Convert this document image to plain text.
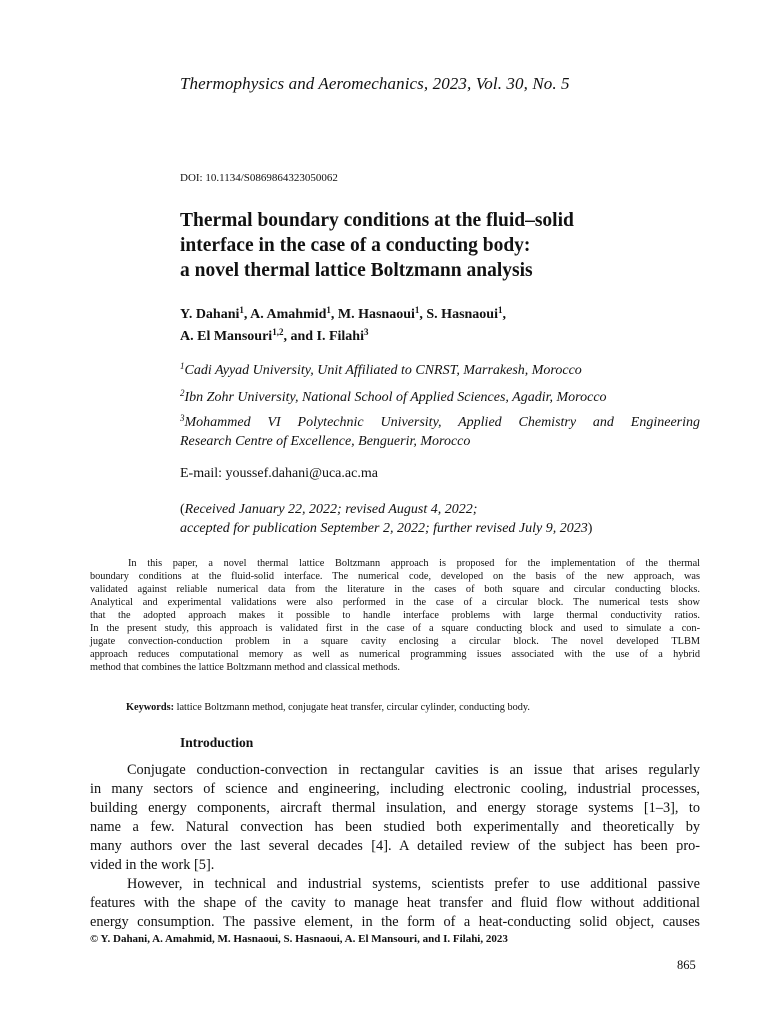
Thermophysics and Aeromechanics, 2023, Vol. 30, No. 5
DOI: 10.1134/S0869864323050062
Thermal boundary conditions at the fluid–solid
interface in the case of a conducting body:
a novel thermal lattice Boltzmann analysis
Y. Dahani$^1$, A. Amahmid$^1$, M. Hasnaoui$^1$, S. Hasnaoui$^1$,
A. El Mansouri$^{1,2}$, and I. Filahi$^3$
$^1$Cadi Ayyad University, Unit Affiliated to CNRST, Marrakesh, Morocco
$^2$Ibn Zohr University, National School of Applied Sciences, Agadir, Morocco
$^3$Mohammed VI Polytechnic University, Applied Chemistry and Engineering
Research Centre of Excellence, Benguerir, Morocco
E-mail: youssef.dahani@uca.ac.ma
(Received January 22, 2022; revised August 4, 2022;
accepted for publication September 2, 2022; further revised July 9, 2023)
In this paper, a novel thermal lattice Boltzmann approach is proposed for the implementation of the thermal
boundary conditions at the fluid-solid interface. The numerical code, developed on the basis of the new approach, was
validated against reliable numerical data from the literature in the cases of both square and circular conducting blocks.
Analytical and experimental validations were also performed in the case of a circular block. The numerical tests show
that the adopted approach makes it possible to handle interface problems with large thermal conductivity ratios.
In the present study, this approach is validated first in the case of a square conducting block and used to simulate a con-
jugate convection-conduction problem in a square cavity enclosing a circular block. The novel developed TLBM
approach reduces computational memory as well as numerical programming issues associated with the use of a hybrid
method that combines the lattice Boltzmann method and classical methods.
Keywords: lattice Boltzmann method, conjugate heat transfer, circular cylinder, conducting body.
Introduction
Conjugate conduction-convection in rectangular cavities is an issue that arises regularly
in many sectors of science and engineering, including electronic cooling, industrial processes,
building energy components, aircraft thermal insulation, and energy storage systems [1–3], to
name a few. Natural convection has been studied both experimentally and theoretically by
many authors over the last several decades [4]. A detailed review of the subject has been pro-
vided in the work [5].
However, in technical and industrial systems, scientists prefer to use additional passive
features with the shape of the cavity to manage heat transfer and fluid flow without additional
energy consumption. The passive element, in the form of a heat-conducting solid object, causes
© Y. Dahani, A. Amahmid, M. Hasnaoui, S. Hasnaoui, A. El Mansouri, and I. Filahi, 2023
865
